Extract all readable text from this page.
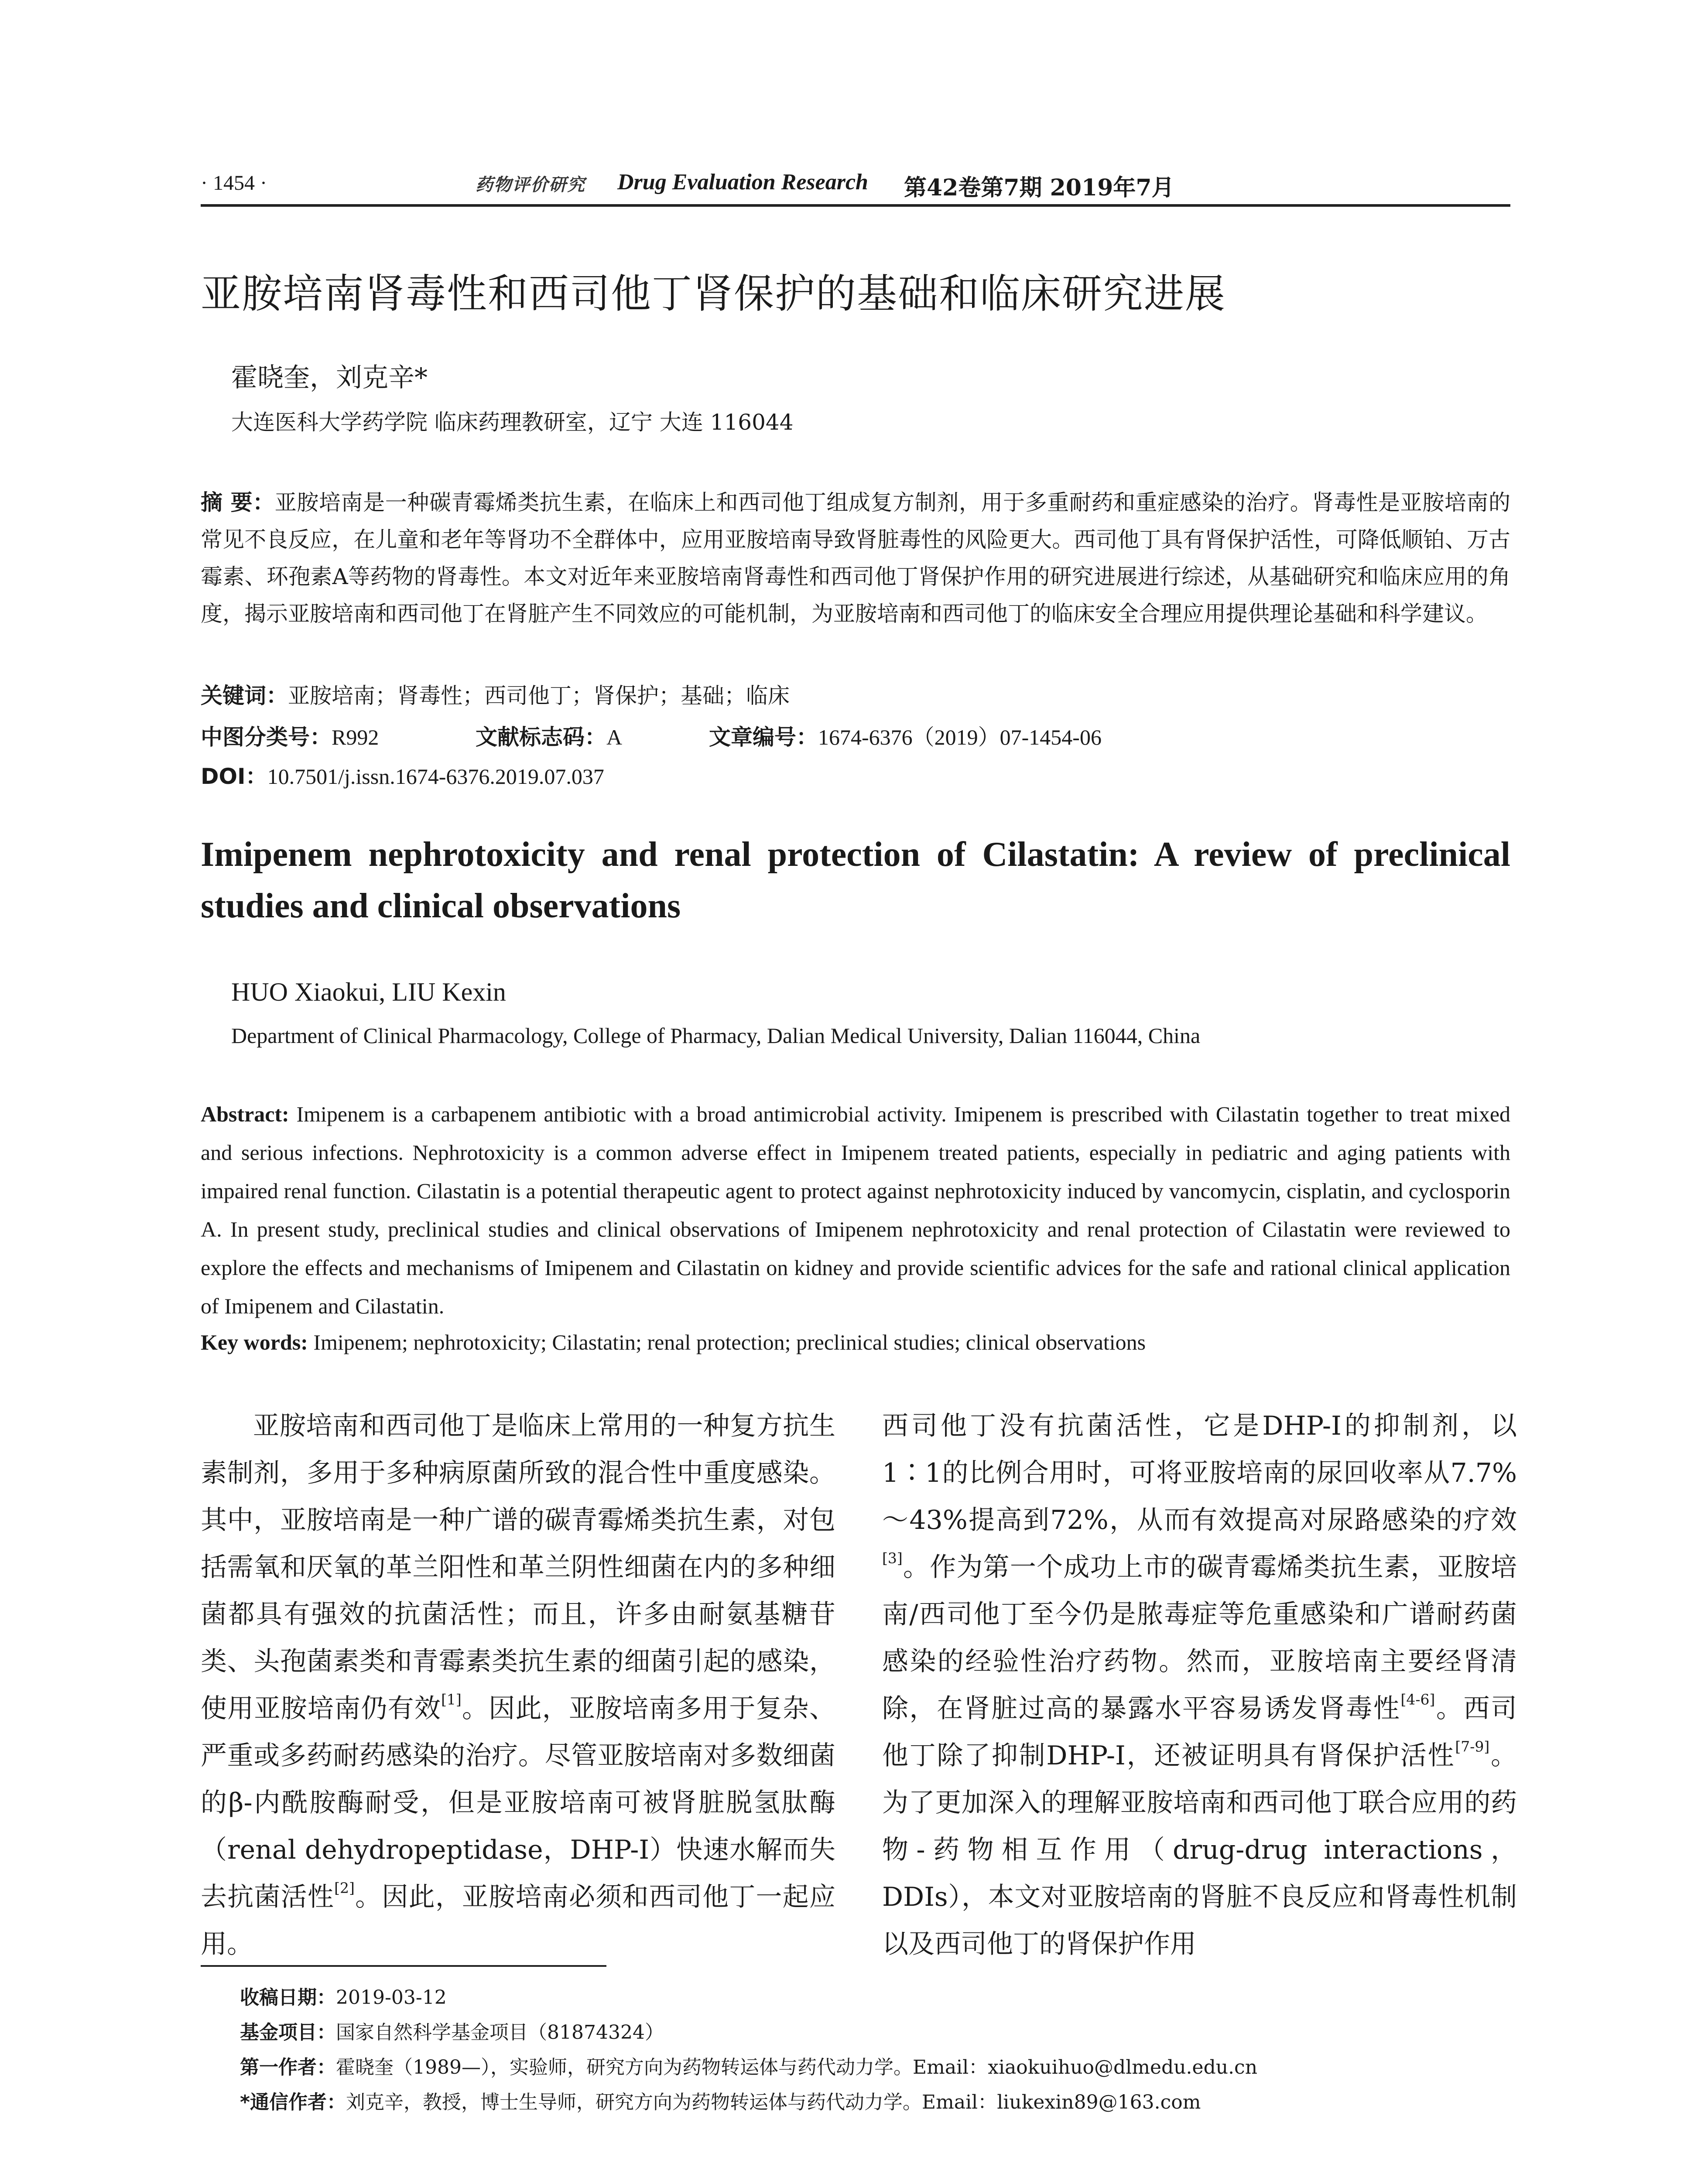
· 1454 ·	药物评价研究 Drug Evaluation Research 第42卷第7期 2019年7月
亚胺培南肾毒性和西司他丁肾保护的基础和临床研究进展
霍晓奎，刘克辛*
大连医科大学药学院 临床药理教研室，辽宁 大连 116044
摘 要：亚胺培南是一种碳青霉烯类抗生素，在临床上和西司他丁组成复方制剂，用于多重耐药和重症感染的治疗。肾毒性是亚胺培南的常见不良反应，在儿童和老年等肾功不全群体中，应用亚胺培南导致肾脏毒性的风险更大。西司他丁具有肾保护活性，可降低顺铂、万古霉素、环孢素A等药物的肾毒性。本文对近年来亚胺培南肾毒性和西司他丁肾保护作用的研究进展进行综述，从基础研究和临床应用的角度，揭示亚胺培南和西司他丁在肾脏产生不同效应的可能机制，为亚胺培南和西司他丁的临床安全合理应用提供理论基础和科学建议。
关键词：亚胺培南；肾毒性；西司他丁；肾保护；基础；临床
中图分类号：R992	文献标志码：A	文章编号：1674-6376（2019）07-1454-06
DOI：10.7501/j.issn.1674-6376.2019.07.037
Imipenem nephrotoxicity and renal protection of Cilastatin: A review of preclinical studies and clinical observations
HUO Xiaokui, LIU Kexin
Department of Clinical Pharmacology, College of Pharmacy, Dalian Medical University, Dalian 116044, China
Abstract: Imipenem is a carbapenem antibiotic with a broad antimicrobial activity. Imipenem is prescribed with Cilastatin together to treat mixed and serious infections. Nephrotoxicity is a common adverse effect in Imipenem treated patients, especially in pediatric and aging patients with impaired renal function. Cilastatin is a potential therapeutic agent to protect against nephrotoxicity induced by vancomycin, cisplatin, and cyclosporin A. In present study, preclinical studies and clinical observations of Imipenem nephrotoxicity and renal protection of Cilastatin were reviewed to explore the effects and mechanisms of Imipenem and Cilastatin on kidney and provide scientific advices for the safe and rational clinical application of Imipenem and Cilastatin.
Key words: Imipenem; nephrotoxicity; Cilastatin; renal protection; preclinical studies; clinical observations

亚胺培南和西司他丁是临床上常用的一种复方抗生素制剂，多用于多种病原菌所致的混合性中重度感染。其中，亚胺培南是一种广谱的碳青霉烯类抗生素，对包括需氧和厌氧的革兰阳性和革兰阴性细菌在内的多种细菌都具有强效的抗菌活性；而且，许多由耐氨基糖苷类、头孢菌素类和青霉素类抗生素的细菌引起的感染，使用亚胺培南仍有效[1]。因此，亚胺培南多用于复杂、严重或多药耐药感染的治疗。尽管亚胺培南对多数细菌的β-内酰胺酶耐受，但是亚胺培南可被肾脏脱氢肽酶（renal dehydropeptidase，DHP-I）快速水解而失去抗菌活性[2]。因此，亚胺培南必须和西司他丁一起应用。

西司他丁没有抗菌活性，它是DHP-I的抑制剂，以1∶1的比例合用时，可将亚胺培南的尿回收率从7.7%～43%提高到72%，从而有效提高对尿路感染的疗效[3]。作为第一个成功上市的碳青霉烯类抗生素，亚胺培南/西司他丁至今仍是脓毒症等危重感染和广谱耐药菌感染的经验性治疗药物。然而，亚胺培南主要经肾清除，在肾脏过高的暴露水平容易诱发肾毒性[4-6]。西司他丁除了抑制DHP-I，还被证明具有肾保护活性[7-9]。为了更加深入的理解亚胺培南和西司他丁联合应用的药物-药物相互作用（drug-drug interactions，DDIs），本文对亚胺培南的肾脏不良反应和肾毒性机制以及西司他丁的肾保护作用

收稿日期：2019-03-12
基金项目：国家自然科学基金项目（81874324）
第一作者：霍晓奎（1989—），实验师，研究方向为药物转运体与药代动力学。Email：xiaokuihuo@dlmedu.edu.cn
*通信作者：刘克辛，教授，博士生导师，研究方向为药物转运体与药代动力学。Email：liukexin89@163.com
